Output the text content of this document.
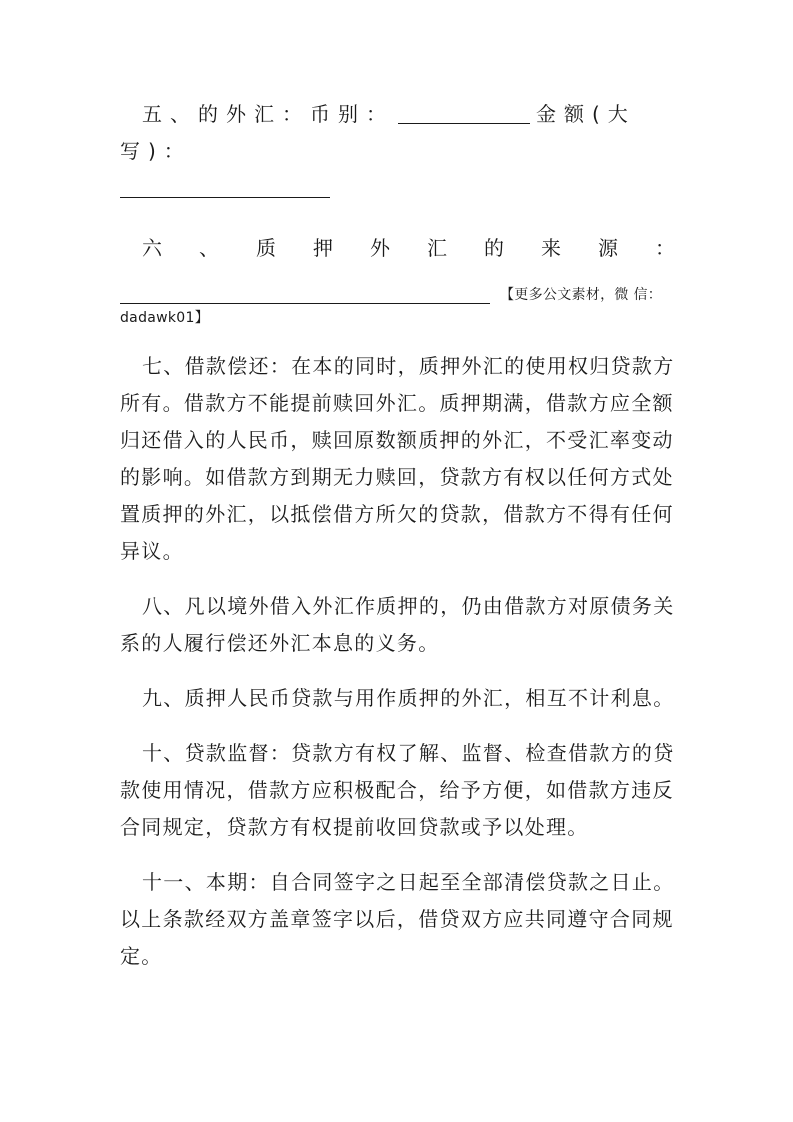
五、的外汇：币别：	金额(大写)：

六 、 质 押 外 汇 的 来 源 ：
【更多公文素材，微 信：

dadawk01】

七、借款偿还：在本的同时，质押外汇的使用权归贷款方所有。借款方不能提前赎回外汇。质押期满，借款方应全额归还借入的人民币，赎回原数额质押的外汇，不受汇率变动的影响。如借款方到期无力赎回，贷款方有权以任何方式处置质押的外汇，以抵偿借方所欠的贷款，借款方不得有任何异议。

八、凡以境外借入外汇作质押的，仍由借款方对原债务关系的人履行偿还外汇本息的义务。

九、质押人民币贷款与用作质押的外汇，相互不计利息。

十、贷款监督：贷款方有权了解、监督、检查借款方的贷款使用情况，借款方应积极配合，给予方便，如借款方违反合同规定，贷款方有权提前收回贷款或予以处理。

十一、本期：自合同签字之日起至全部清偿贷款之日止。以上条款经双方盖章签字以后，借贷双方应共同遵守合同规定。
